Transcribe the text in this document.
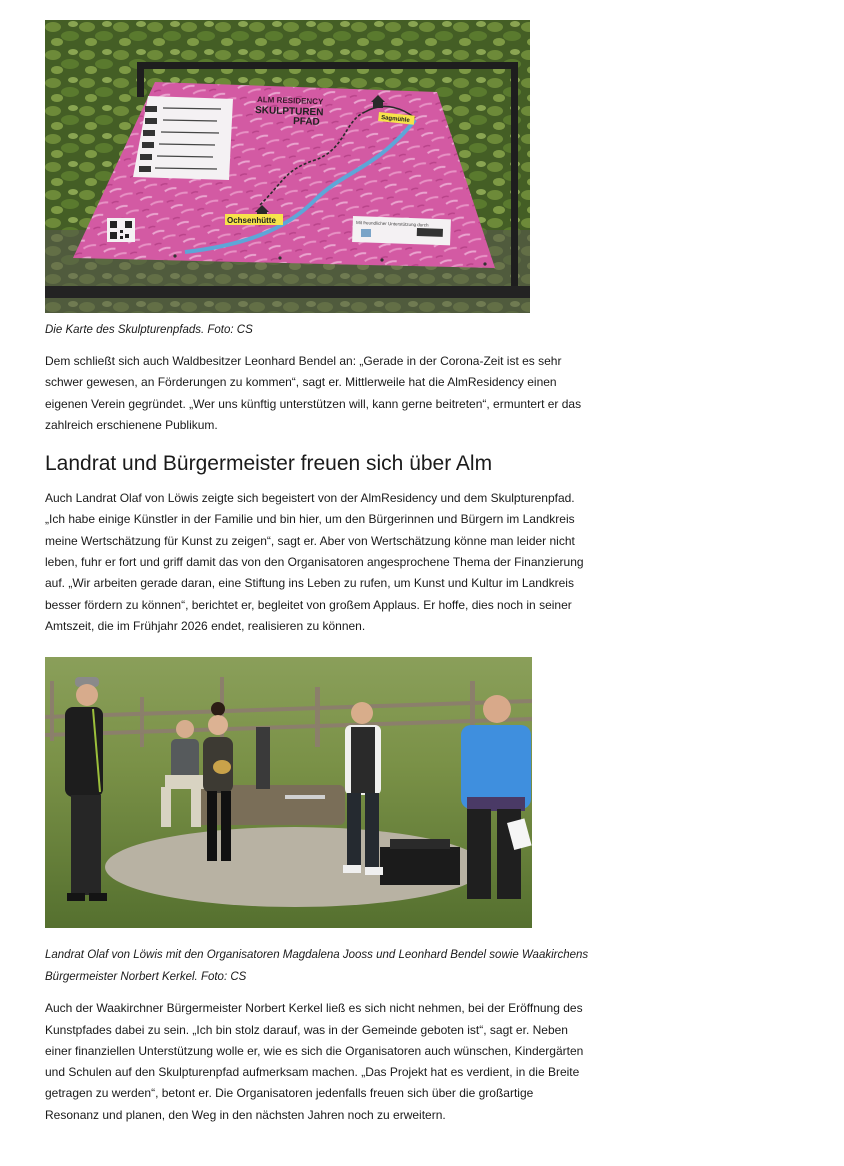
ALM RESIDENCY
SKULPTUREN
PFAD	Sagmühle
Ochsenhütte	Mit freundlicher Unterstützung durch
Die Karte des Skulpturenpfads. Foto: CS

Dem schließt sich auch Waldbesitzer Leonhard Bendel an: „Gerade in der Corona-Zeit ist es sehr schwer gewesen, an Förderungen zu kommen“, sagt er. Mittlerweile hat die AlmResidency einen eigenen Verein gegründet. „Wer uns künftig unterstützen will, kann gerne beitreten“, ermuntert er das zahlreich erschienene Publikum.

Landrat und Bürgermeister freuen sich über Alm

Auch Landrat Olaf von Löwis zeigte sich begeistert von der AlmResidency und dem Skulpturenpfad. „Ich habe einige Künstler in der Familie und bin hier, um den Bürgerinnen und Bürgern im Landkreis meine Wertschätzung für Kunst zu zeigen“, sagt er. Aber von Wertschätzung könne man leider nicht leben, fuhr er fort und griff damit das von den Organisatoren angesprochene Thema der Finanzierung auf. „Wir arbeiten gerade daran, eine Stiftung ins Leben zu rufen, um Kunst und Kultur im Landkreis besser fördern zu können“, berichtet er, begleitet von großem Applaus. Er hoffe, dies noch in seiner Amtszeit, die im Frühjahr 2026 endet, realisieren zu können.

Landrat Olaf von Löwis mit den Organisatoren Magdalena Jooss und Leonhard Bendel sowie Waakirchens Bürgermeister Norbert Kerkel. Foto: CS

Auch der Waakirchner Bürgermeister Norbert Kerkel ließ es sich nicht nehmen, bei der Eröffnung des Kunstpfades dabei zu sein. „Ich bin stolz darauf, was in der Gemeinde geboten ist“, sagt er. Neben einer finanziellen Unterstützung wolle er, wie es sich die Organisatoren auch wünschen, Kindergärten und Schulen auf den Skulpturenpfad aufmerksam machen. „Das Projekt hat es verdient, in die Breite getragen zu werden“, betont er. Die Organisatoren jedenfalls freuen sich über die großartige Resonanz und planen, den Weg in den nächsten Jahren noch zu erweitern.
